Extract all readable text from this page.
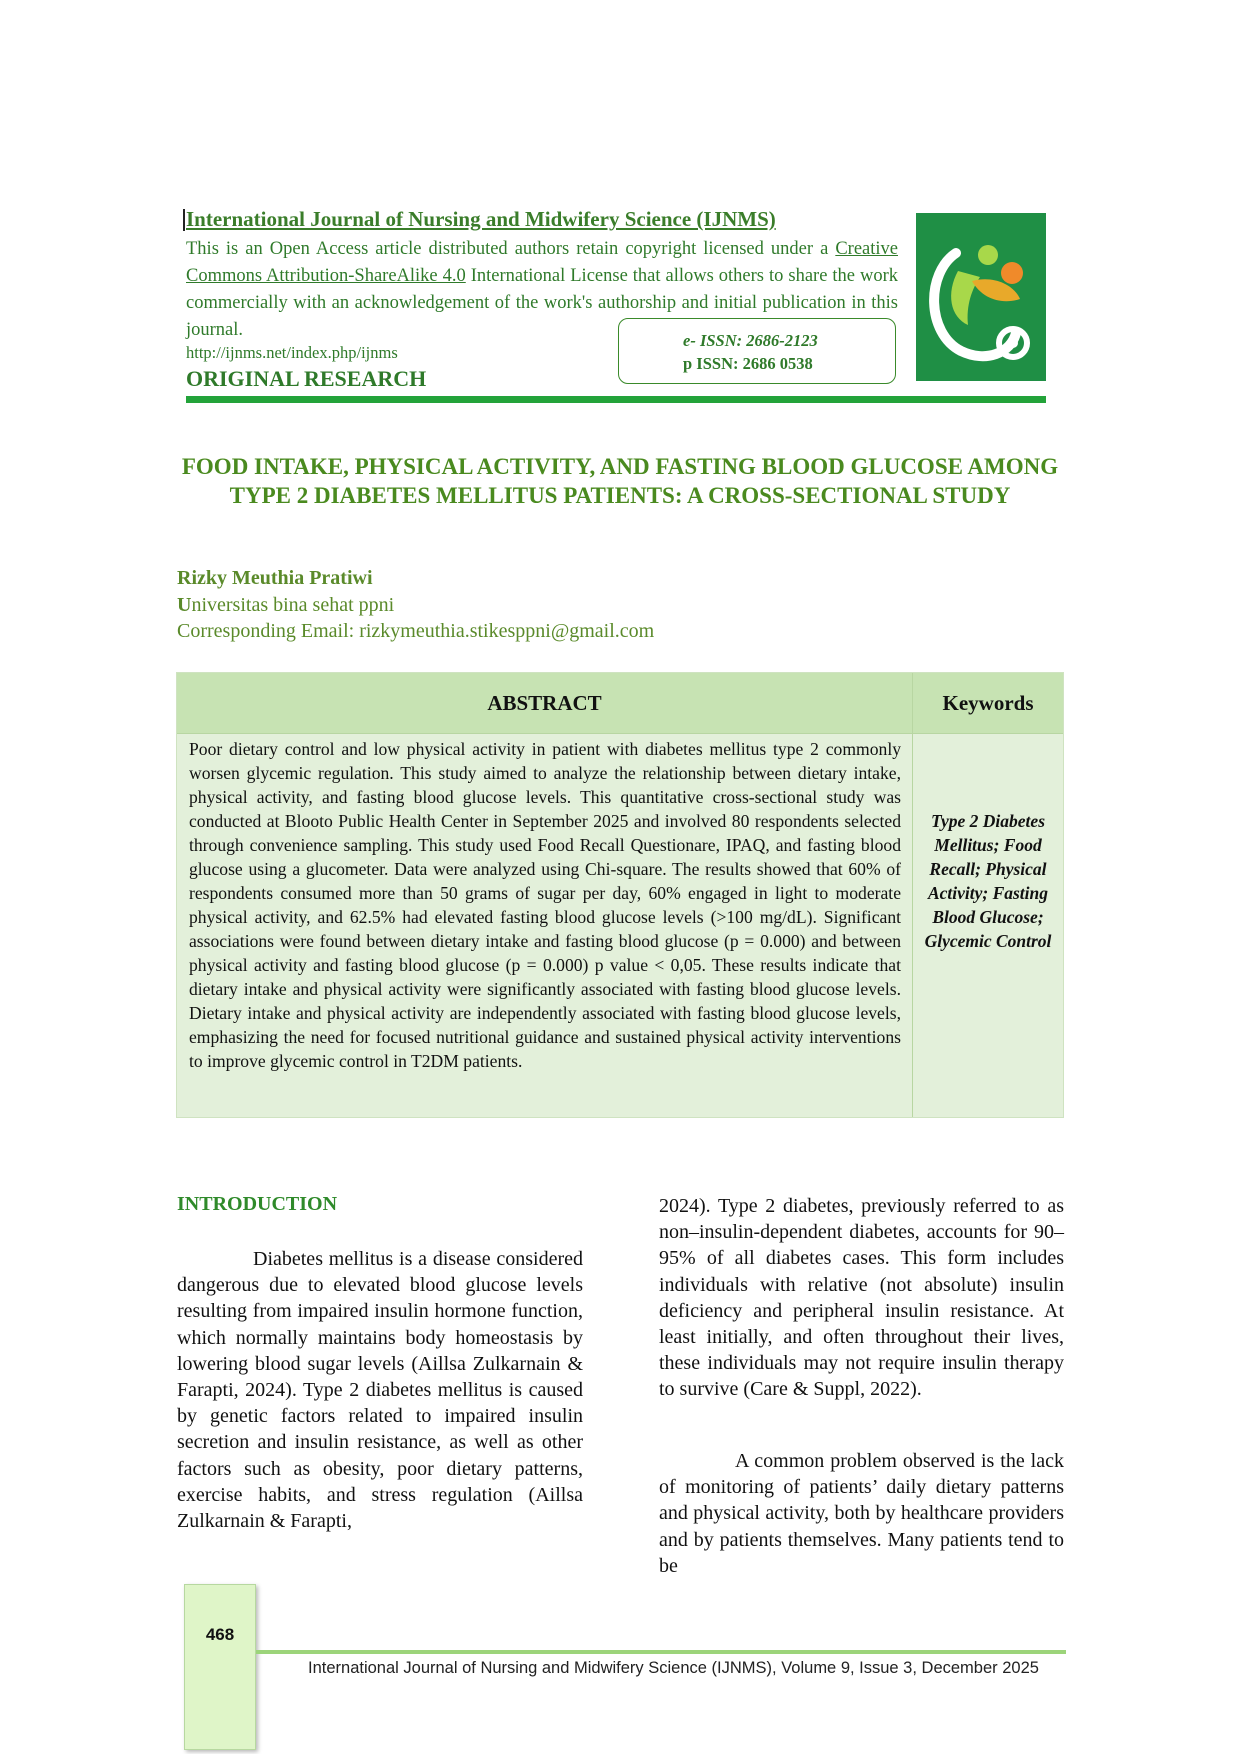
International Journal of Nursing and Midwifery Science (IJNMS)
This is an Open Access article distributed authors retain copyright licensed under a Creative Commons Attribution-ShareAlike 4.0 International License that allows others to share the work commercially with an acknowledgement of the work's authorship and initial publication in this journal.
http://ijnms.net/index.php/ijnms
ORIGINAL RESEARCH
e- ISSN: 2686-2123
p ISSN: 2686 0538
FOOD INTAKE, PHYSICAL ACTIVITY, AND FASTING BLOOD GLUCOSE AMONG TYPE 2 DIABETES MELLITUS PATIENTS: A CROSS-SECTIONAL STUDY
Rizky Meuthia Pratiwi
Universitas bina sehat ppni
Corresponding Email: rizkymeuthia.stikesppni@gmail.com
ABSTRACT	Keywords
Poor dietary control and low physical activity in patient with diabetes mellitus type 2 commonly worsen glycemic regulation. This study aimed to analyze the relationship between dietary intake, physical activity, and fasting blood glucose levels. This quantitative cross-sectional study was conducted at Blooto Public Health Center in September 2025 and involved 80 respondents selected through convenience sampling. This study used Food Recall Questionare, IPAQ, and fasting blood glucose using a glucometer. Data were analyzed using Chi-square. The results showed that 60% of respondents consumed more than 50 grams of sugar per day, 60% engaged in light to moderate physical activity, and 62.5% had elevated fasting blood glucose levels (>100 mg/dL). Significant associations were found between dietary intake and fasting blood glucose (p = 0.000) and between physical activity and fasting blood glucose (p = 0.000) p value < 0,05. These results indicate that dietary intake and physical activity were significantly associated with fasting blood glucose levels. Dietary intake and physical activity are independently associated with fasting blood glucose levels, emphasizing the need for focused nutritional guidance and sustained physical activity interventions to improve glycemic control in T2DM patients.
Type 2 Diabetes Mellitus; Food Recall; Physical Activity; Fasting Blood Glucose; Glycemic Control
INTRODUCTION
Diabetes mellitus is a disease considered dangerous due to elevated blood glucose levels resulting from impaired insulin hormone function, which normally maintains body homeostasis by lowering blood sugar levels (Aillsa Zulkarnain & Farapti, 2024). Type 2 diabetes mellitus is caused by genetic factors related to impaired insulin secretion and insulin resistance, as well as other factors such as obesity, poor dietary patterns, exercise habits, and stress regulation (Aillsa Zulkarnain & Farapti,
2024). Type 2 diabetes, previously referred to as non–insulin-dependent diabetes, accounts for 90–95% of all diabetes cases. This form includes individuals with relative (not absolute) insulin deficiency and peripheral insulin resistance. At least initially, and often throughout their lives, these individuals may not require insulin therapy to survive (Care & Suppl, 2022).
A common problem observed is the lack of monitoring of patients’ daily dietary patterns and physical activity, both by healthcare providers and by patients themselves. Many patients tend to be
468
International Journal of Nursing and Midwifery Science (IJNMS), Volume 9, Issue 3, December 2025
